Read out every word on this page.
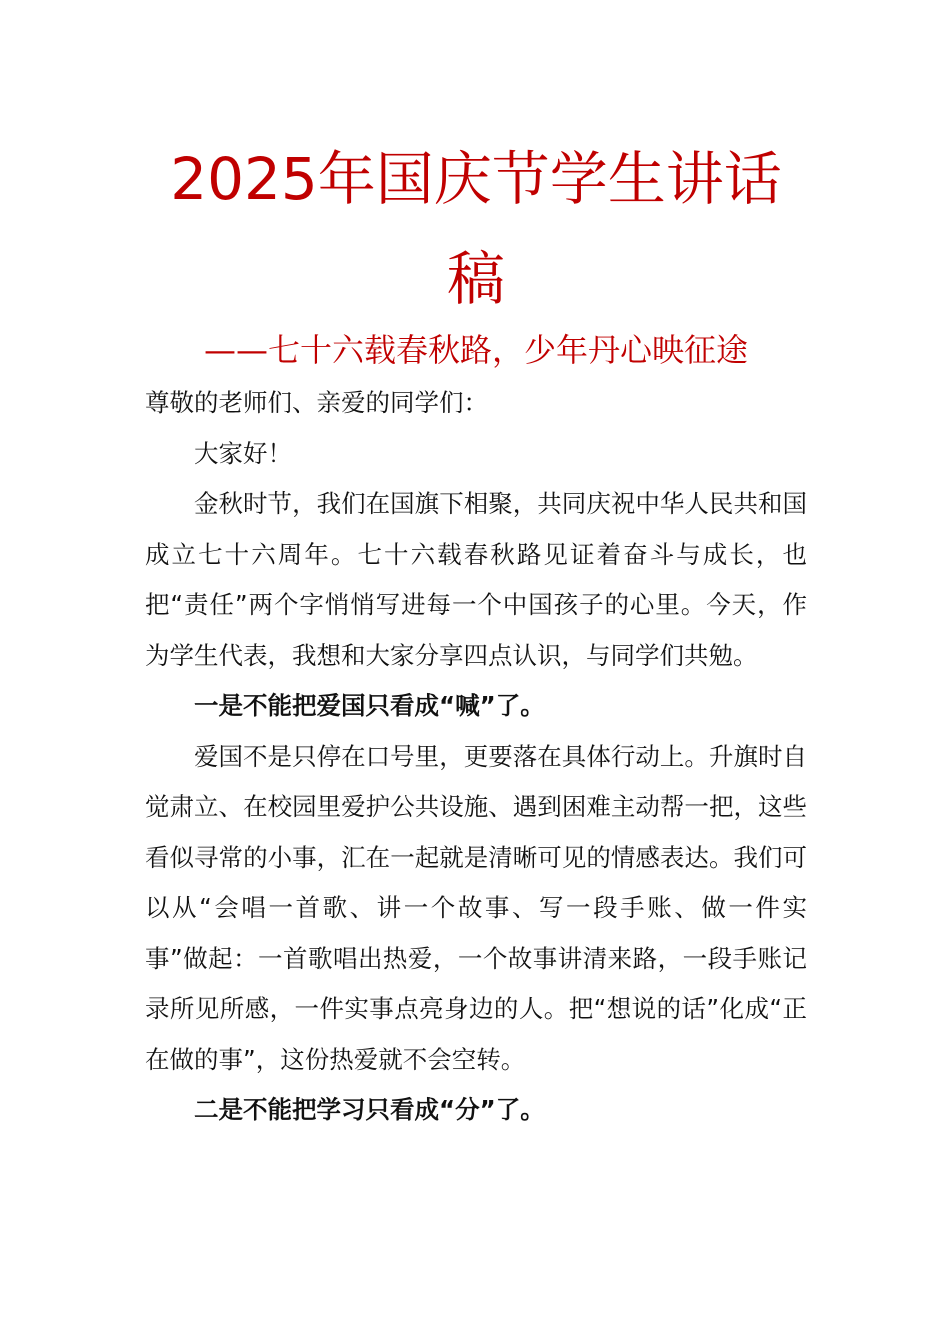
2025年国庆节学生讲话
稿
——七十六载春秋路，少年丹心映征途

尊敬的老师们、亲爱的同学们：

大家好！

金秋时节，我们在国旗下相聚，共同庆祝中华人民共和国成立七十六周年。七十六载春秋路见证着奋斗与成长，也把“责任”两个字悄悄写进每一个中国孩子的心里。今天，作为学生代表，我想和大家分享四点认识，与同学们共勉。

一是不能把爱国只看成“喊”了。

爱国不是只停在口号里，更要落在具体行动上。升旗时自觉肃立、在校园里爱护公共设施、遇到困难主动帮一把，这些看似寻常的小事，汇在一起就是清晰可见的情感表达。我们可以从“会唱一首歌、讲一个故事、写一段手账、做一件实事”做起：一首歌唱出热爱，一个故事讲清来路，一段手账记录所见所感，一件实事点亮身边的人。把“想说的话”化成“正在做的事”，这份热爱就不会空转。

二是不能把学习只看成“分”了。
